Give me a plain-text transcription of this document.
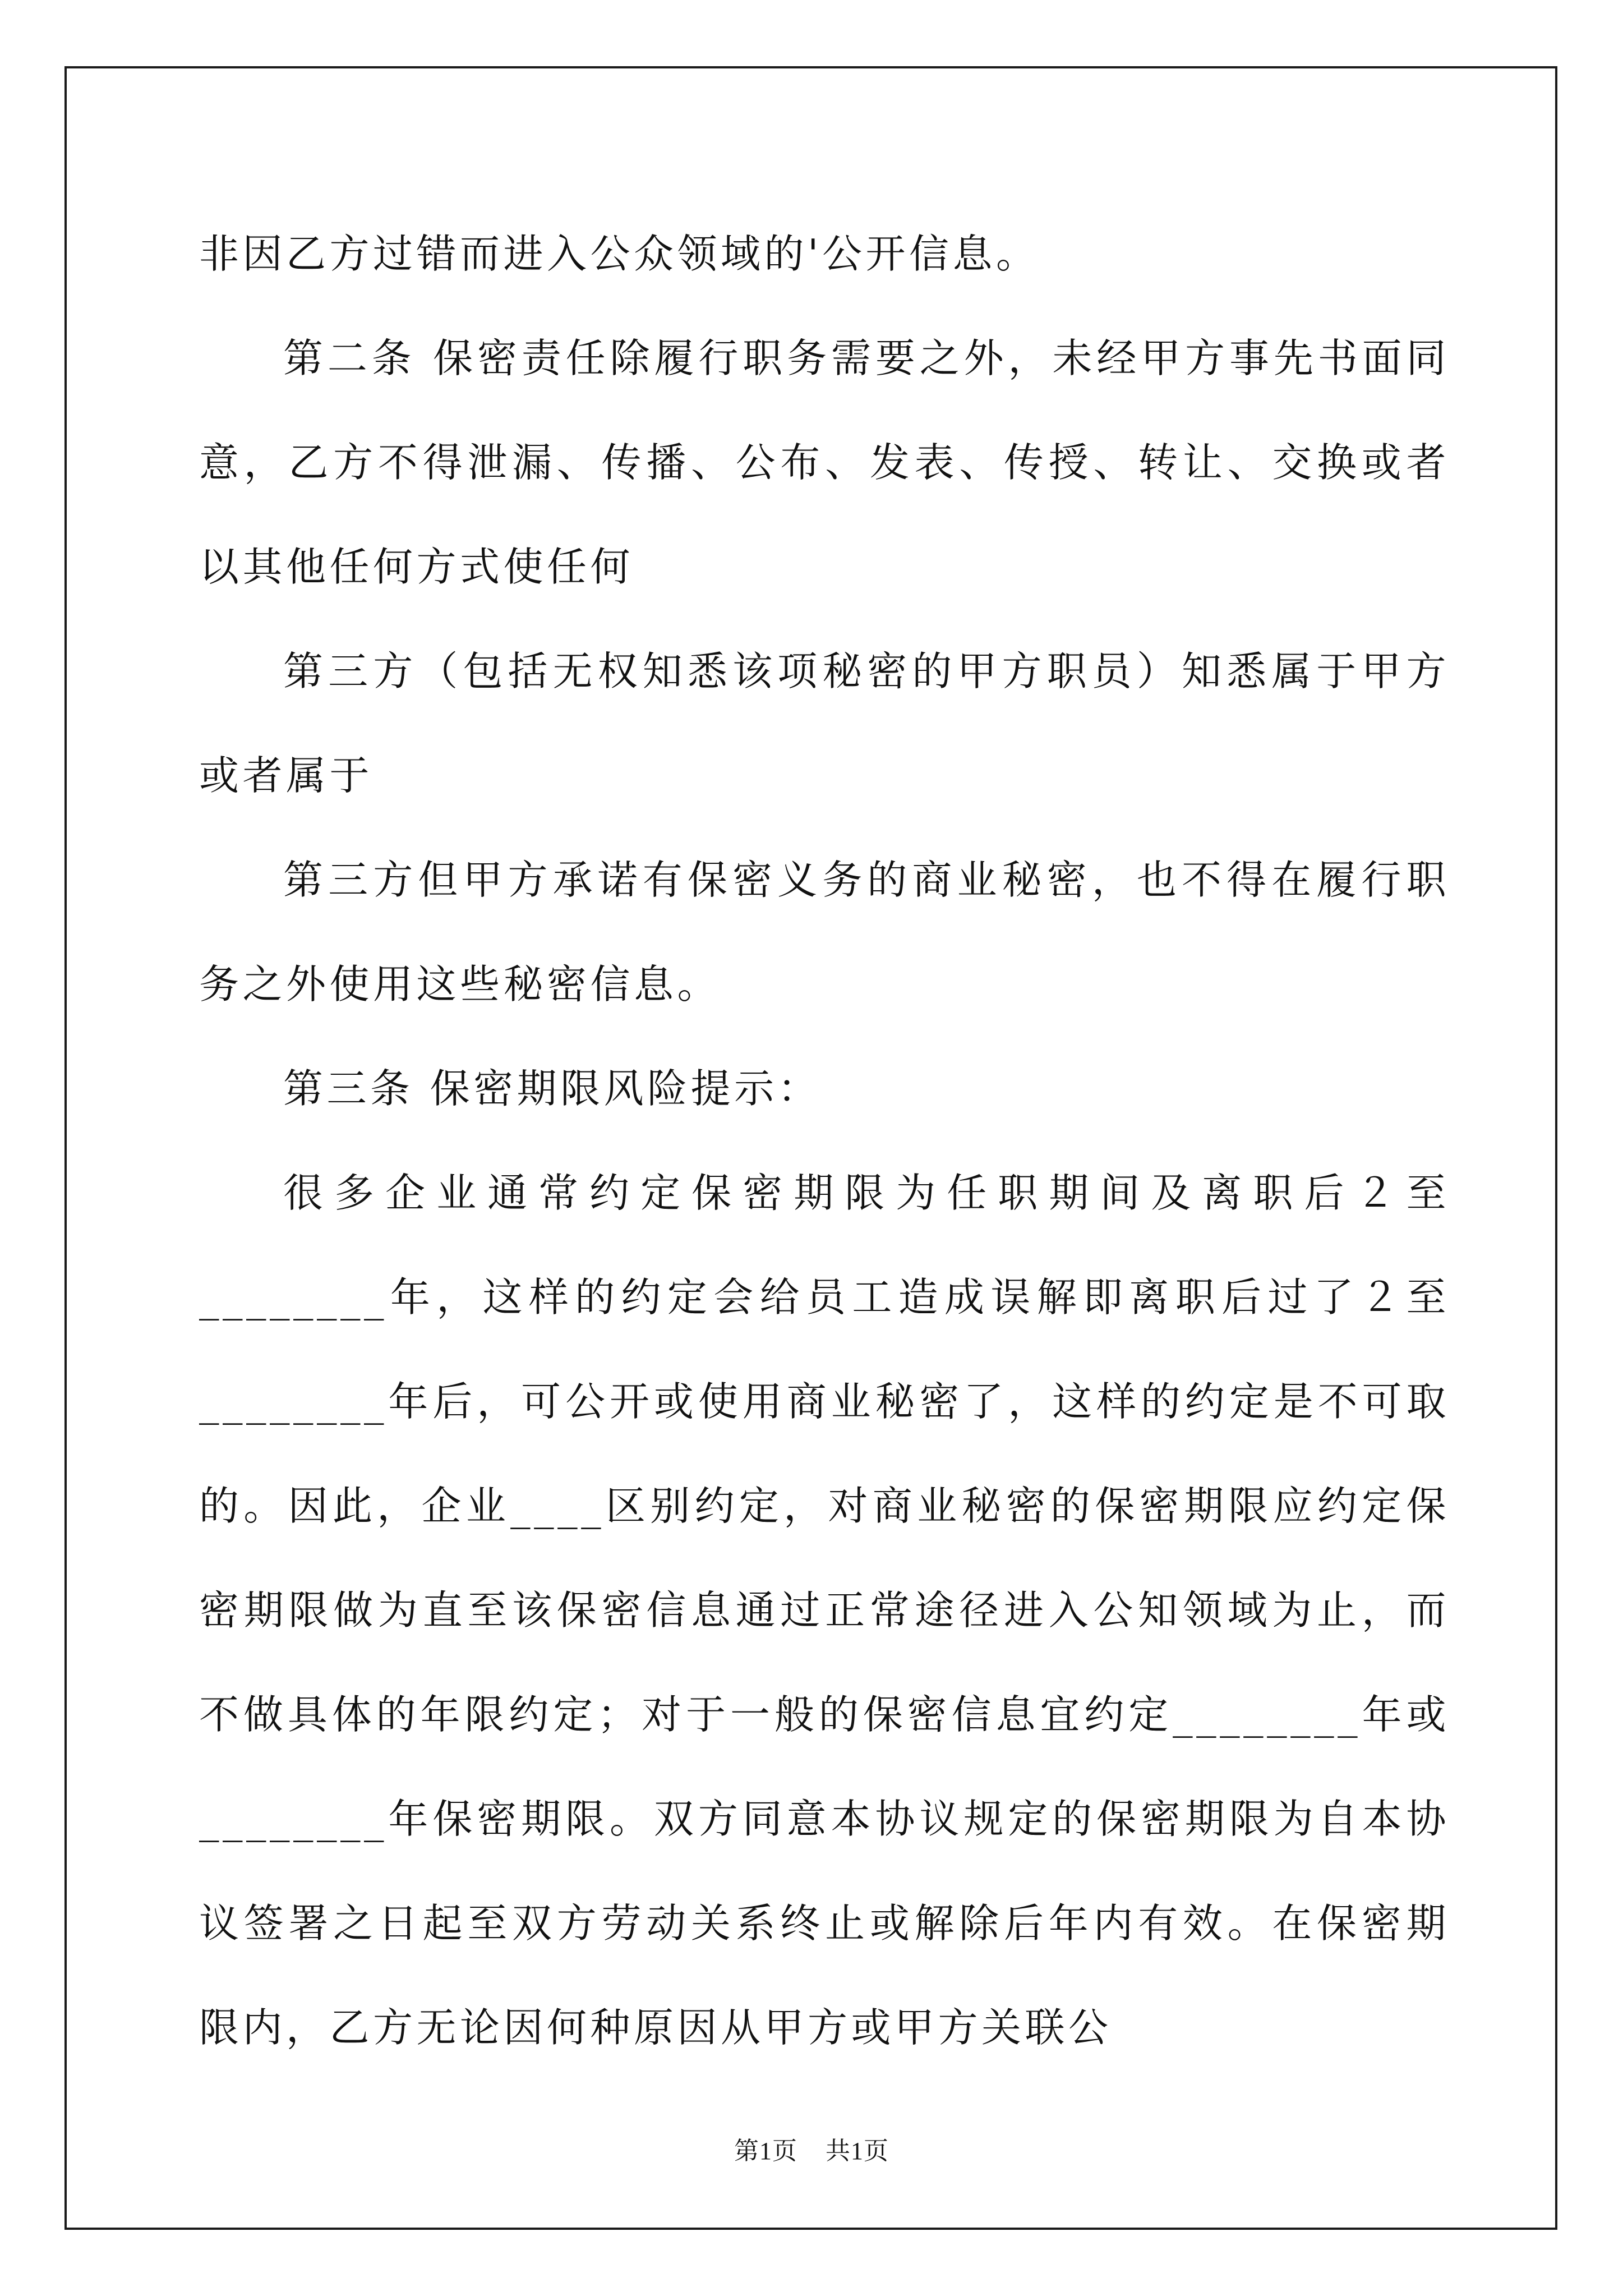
非因乙方过错而进入公众领域的'公开信息。

第二条 保密责任除履行职务需要之外，未经甲方事先书面同意，乙方不得泄漏、传播、公布、发表、传授、转让、交换或者以其他任何方式使任何

第三方（包括无权知悉该项秘密的甲方职员）知悉属于甲方或者属于

第三方但甲方承诺有保密义务的商业秘密，也不得在履行职务之外使用这些秘密信息。

第三条 保密期限风险提示：

很多企业通常约定保密期限为任职期间及离职后２至________年，这样的约定会给员工造成误解即离职后过了２至________年后，可公开或使用商业秘密了，这样的约定是不可取的。因此，企业____区别约定，对商业秘密的保密期限应约定保密期限做为直至该保密信息通过正常途径进入公知领域为止，而不做具体的年限约定；对于一般的保密信息宜约定________年或________年保密期限。双方同意本协议规定的保密期限为自本协议签署之日起至双方劳动关系终止或解除后年内有效。在保密期限内，乙方无论因何种原因从甲方或甲方关联公

第1页 共1页
